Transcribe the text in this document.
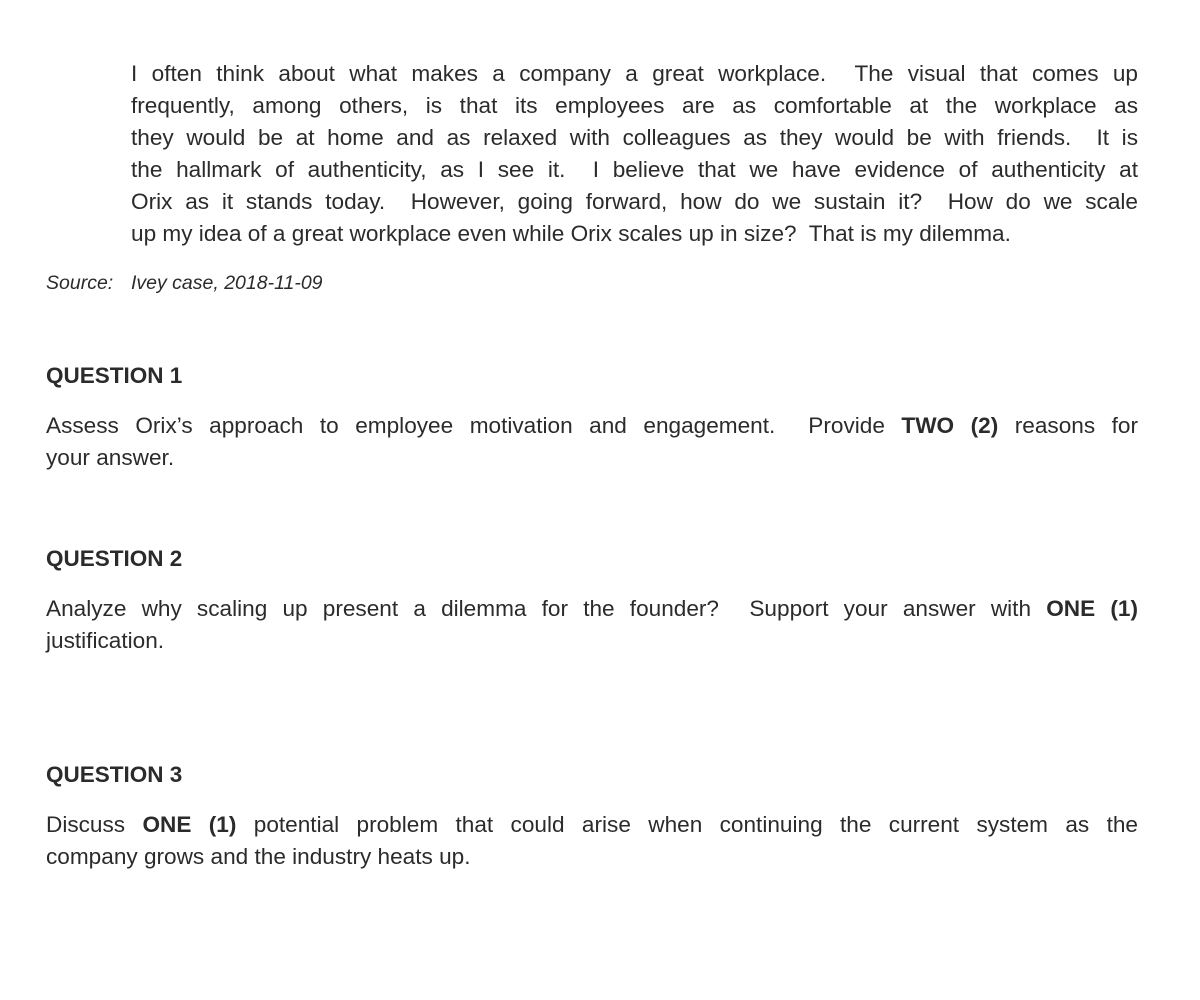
I often think about what makes a company a great workplace.  The visual that comes up
frequently, among others, is that its employees are as comfortable at the workplace as
they would be at home and as relaxed with colleagues as they would be with friends.  It is
the hallmark of authenticity, as I see it.  I believe that we have evidence of authenticity at
Orix as it stands today.  However, going forward, how do we sustain it?  How do we scale
up my idea of a great workplace even while Orix scales up in size?  That is my dilemma.
Source: Ivey case, 2018-11-09
QUESTION 1
Assess Orix’s approach to employee motivation and engagement.  Provide TWO (2) reasons for
your answer.
QUESTION 2
Analyze why scaling up present a dilemma for the founder?  Support your answer with ONE (1)
justification.
QUESTION 3
Discuss ONE (1) potential problem that could arise when continuing the current system as the
company grows and the industry heats up.
